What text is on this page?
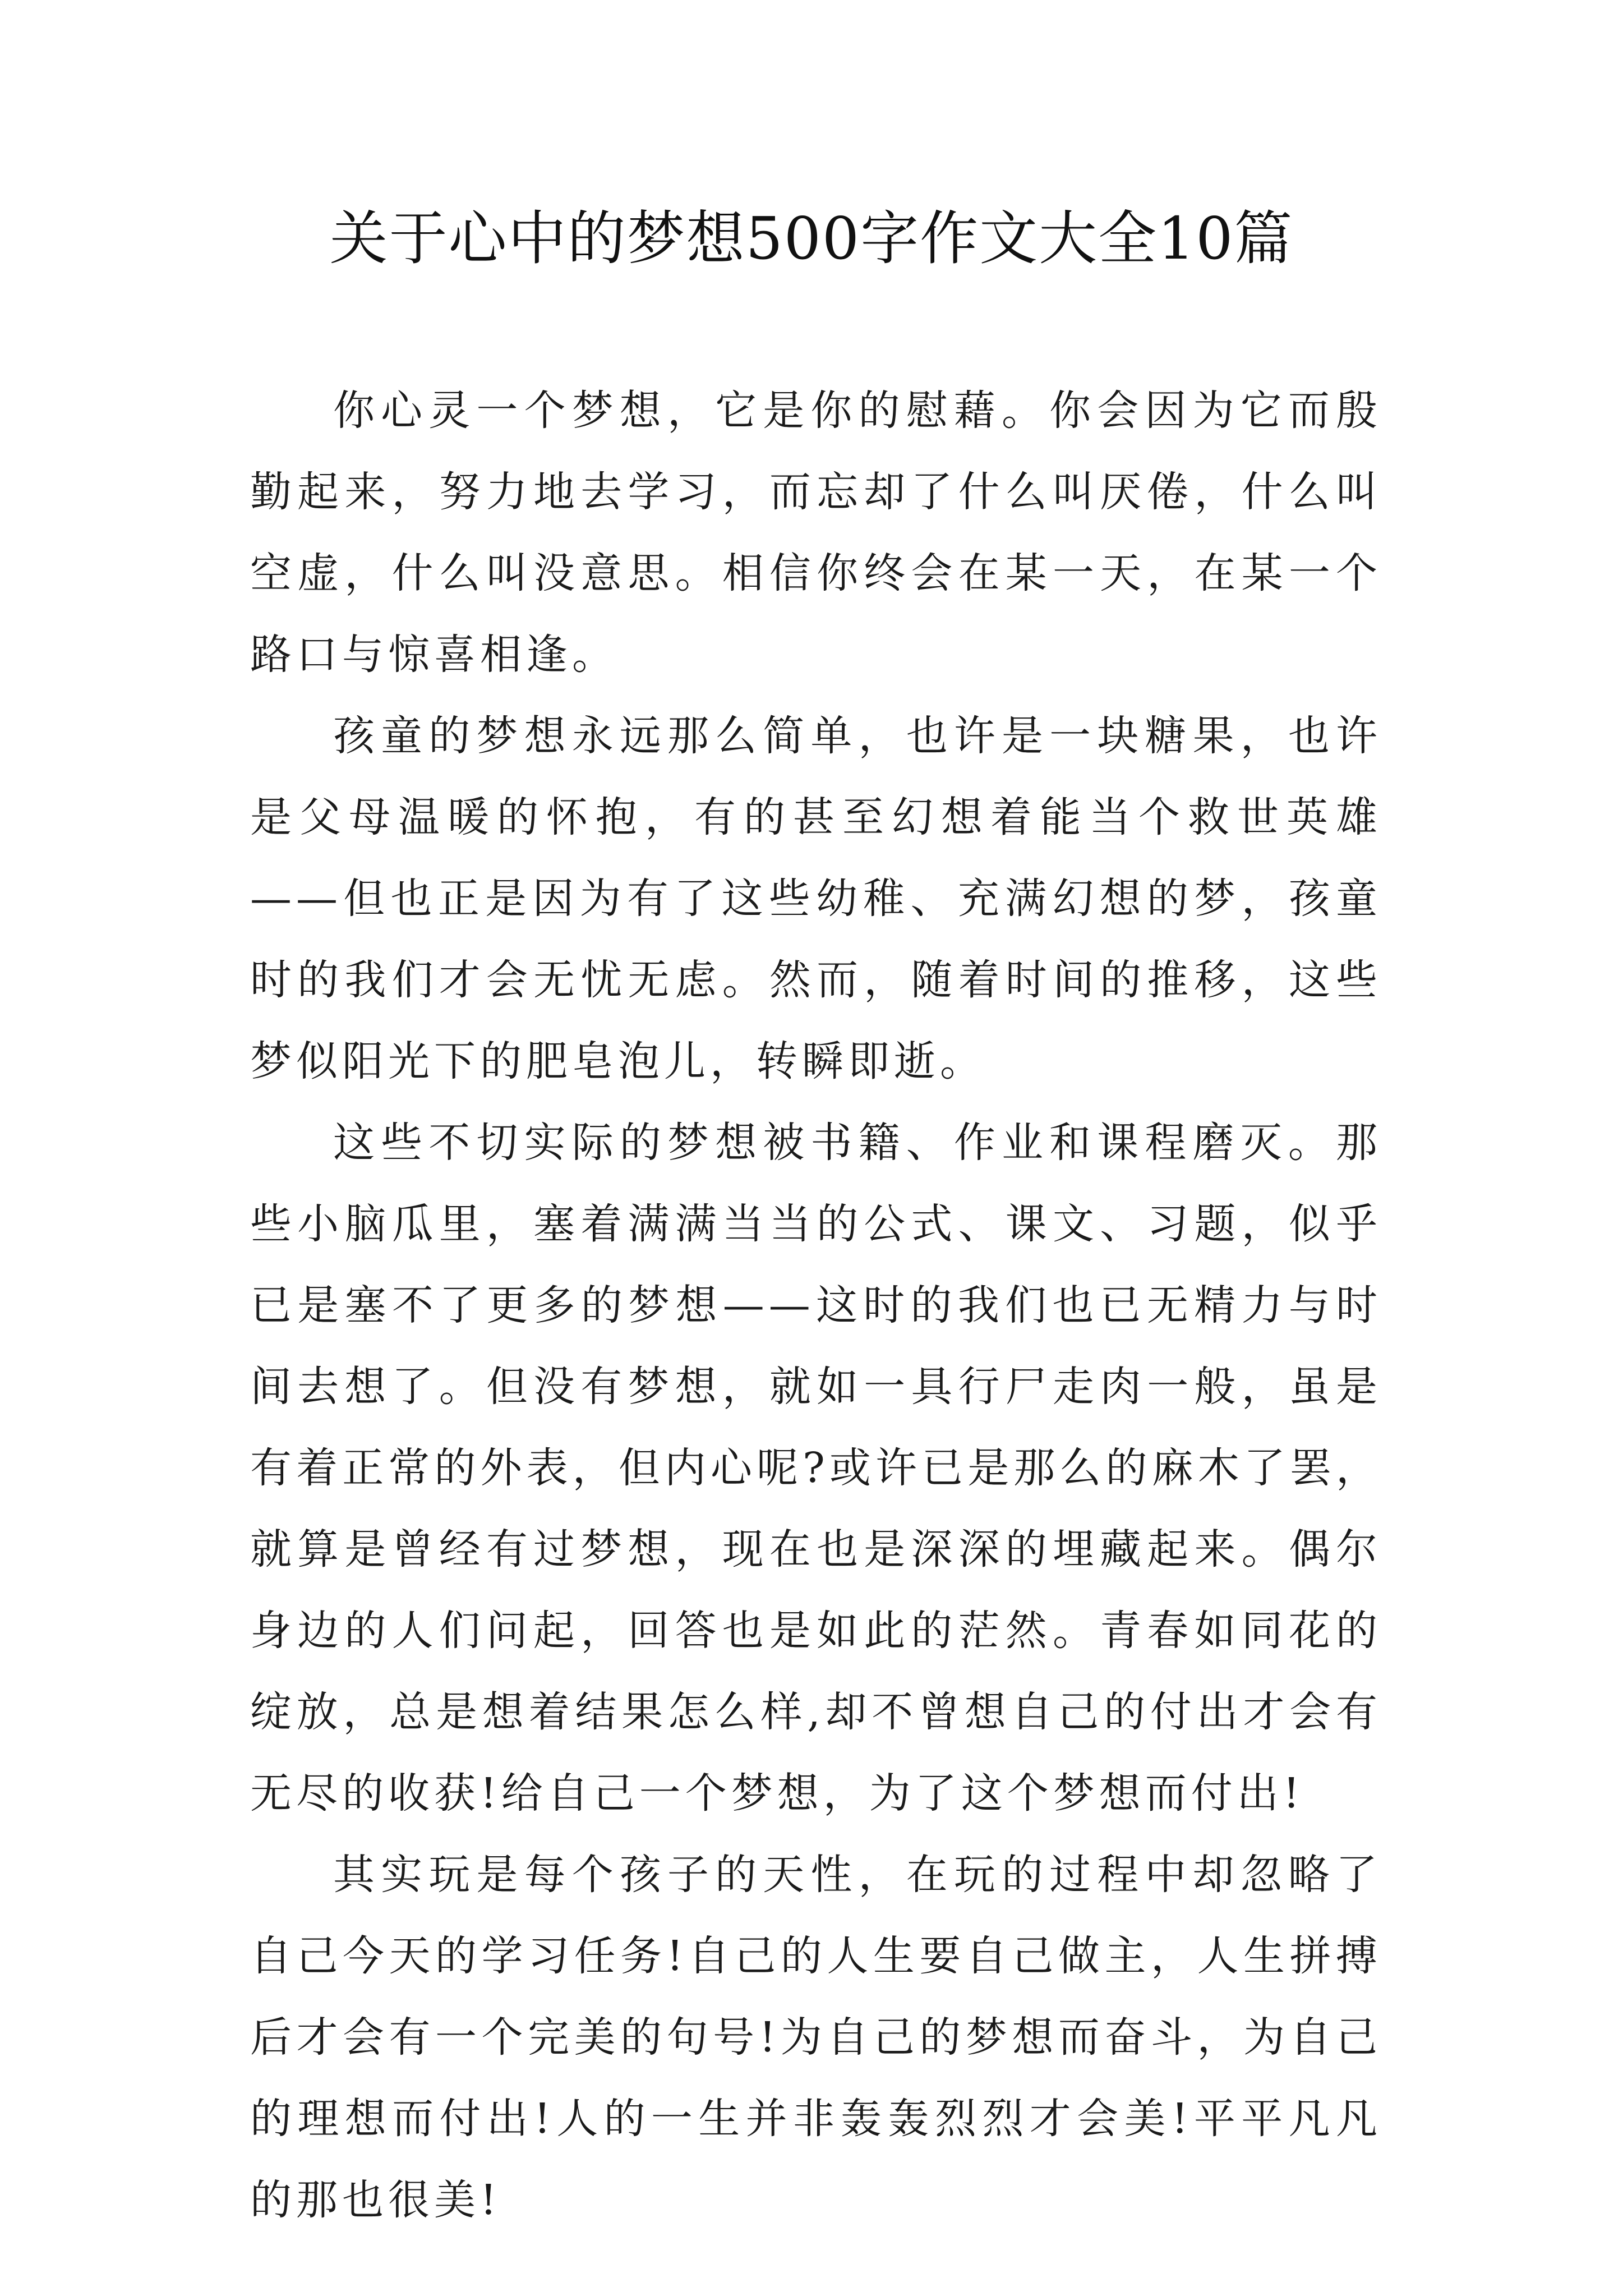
关于心中的梦想500字作文大全10篇

你心灵一个梦想，它是你的慰藉。你会因为它而殷勤起来，努力地去学习，而忘却了什么叫厌倦，什么叫空虚，什么叫没意思。相信你终会在某一天，在某一个路口与惊喜相逢。

孩童的梦想永远那么简单，也许是一块糖果，也许是父母温暖的怀抱，有的甚至幻想着能当个救世英雄——但也正是因为有了这些幼稚、充满幻想的梦，孩童时的我们才会无忧无虑。然而，随着时间的推移，这些梦似阳光下的肥皂泡儿，转瞬即逝。

这些不切实际的梦想被书籍、作业和课程磨灭。那些小脑瓜里，塞着满满当当的公式、课文、习题，似乎已是塞不了更多的梦想——这时的我们也已无精力与时间去想了。但没有梦想，就如一具行尸走肉一般，虽是有着正常的外表，但内心呢?或许已是那么的麻木了罢，就算是曾经有过梦想，现在也是深深的埋藏起来。偶尔身边的人们问起，回答也是如此的茫然。青春如同花的绽放，总是想着结果怎么样,却不曾想自己的付出才会有无尽的收获!给自己一个梦想，为了这个梦想而付出!

其实玩是每个孩子的天性，在玩的过程中却忽略了自己今天的学习任务!自己的人生要自己做主，人生拼搏后才会有一个完美的句号!为自己的梦想而奋斗，为自己的理想而付出!人的一生并非轰轰烈烈才会美!平平凡凡的那也很美!
